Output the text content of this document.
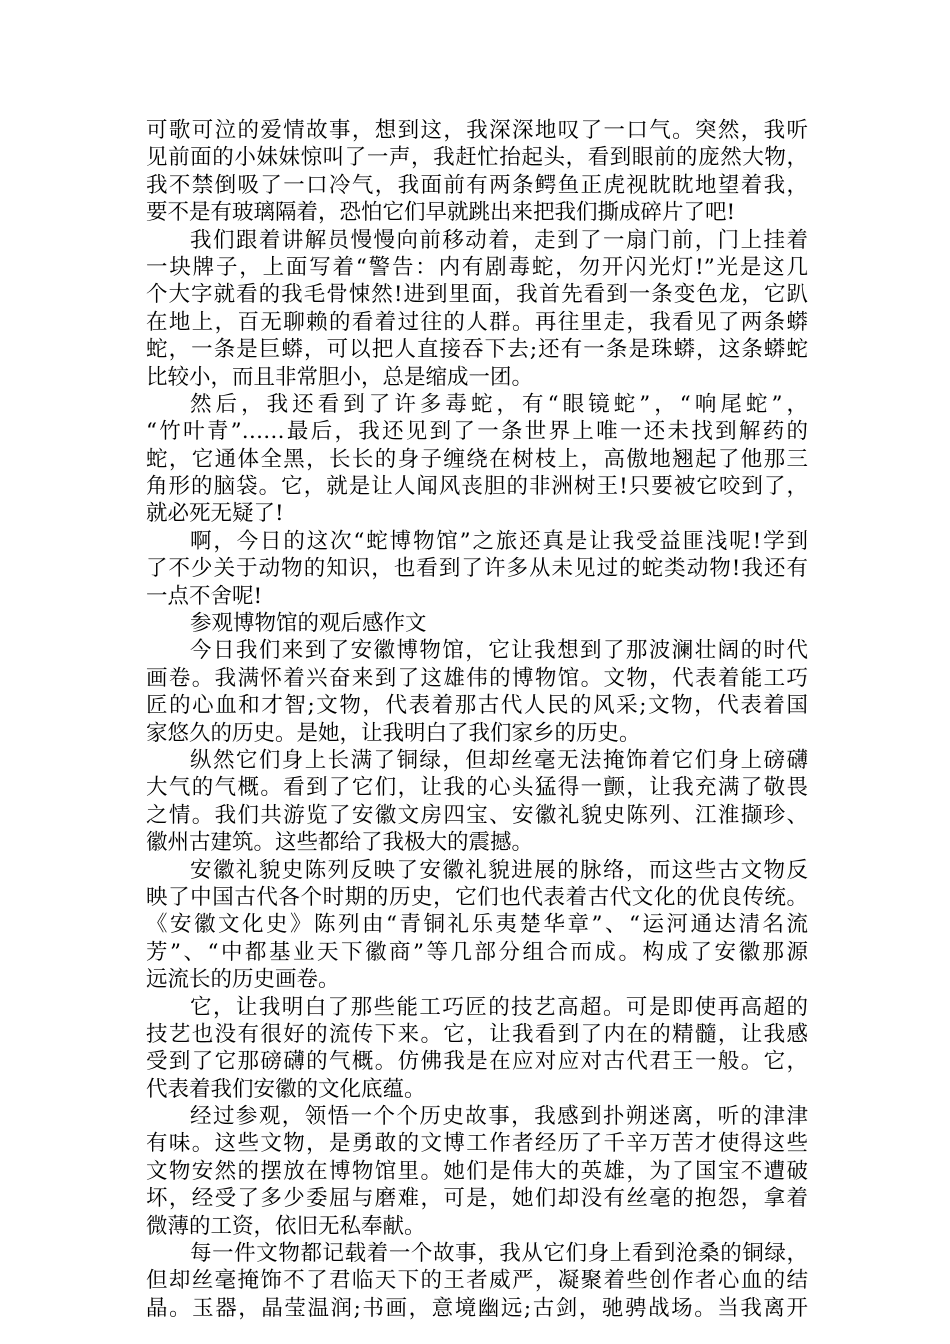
可歌可泣的爱情故事，想到这，我深深地叹了一口气。突然，我听
见前面的小妹妹惊叫了一声，我赶忙抬起头，看到眼前的庞然大物，
我不禁倒吸了一口冷气，我面前有两条鳄鱼正虎视眈眈地望着我，
要不是有玻璃隔着，恐怕它们早就跳出来把我们撕成碎片了吧!
我们跟着讲解员慢慢向前移动着，走到了一扇门前，门上挂着
一块牌子，上面写着“警告：内有剧毒蛇，勿开闪光灯!”光是这几
个大字就看的我毛骨悚然!进到里面，我首先看到一条变色龙，它趴
在地上，百无聊赖的看着过往的人群。再往里走，我看见了两条蟒
蛇，一条是巨蟒，可以把人直接吞下去;还有一条是珠蟒，这条蟒蛇
比较小，而且非常胆小，总是缩成一团。
然后，我还看到了许多毒蛇，有“眼镜蛇”，“响尾蛇”，
“竹叶青”……最后，我还见到了一条世界上唯一还未找到解药的
蛇，它通体全黑，长长的身子缠绕在树枝上，高傲地翘起了他那三
角形的脑袋。它，就是让人闻风丧胆的非洲树王!只要被它咬到了，
就必死无疑了!
啊，今日的这次“蛇博物馆”之旅还真是让我受益匪浅呢!学到
了不少关于动物的知识，也看到了许多从未见过的蛇类动物!我还有
一点不舍呢!
参观博物馆的观后感作文
今日我们来到了安徽博物馆，它让我想到了那波澜壮阔的时代
画卷。我满怀着兴奋来到了这雄伟的博物馆。文物，代表着能工巧
匠的心血和才智;文物，代表着那古代人民的风采;文物，代表着国
家悠久的历史。是她，让我明白了我们家乡的历史。
纵然它们身上长满了铜绿，但却丝毫无法掩饰着它们身上磅礴
大气的气概。看到了它们，让我的心头猛得一颤，让我充满了敬畏
之情。我们共游览了安徽文房四宝、安徽礼貌史陈列、江淮撷珍、
徽州古建筑。这些都给了我极大的震撼。
安徽礼貌史陈列反映了安徽礼貌进展的脉络，而这些古文物反
映了中国古代各个时期的历史，它们也代表着古代文化的优良传统。
《安徽文化史》陈列由“青铜礼乐夷楚华章”、“运河通达清名流
芳”、“中都基业天下徽商”等几部分组合而成。构成了安徽那源
远流长的历史画卷。
它，让我明白了那些能工巧匠的技艺高超。可是即使再高超的
技艺也没有很好的流传下来。它，让我看到了内在的精髓，让我感
受到了它那磅礴的气概。仿佛我是在应对应对古代君王一般。它，
代表着我们安徽的文化底蕴。
经过参观，领悟一个个历史故事，我感到扑朔迷离，听的津津
有味。这些文物，是勇敢的文博工作者经历了千辛万苦才使得这些
文物安然的摆放在博物馆里。她们是伟大的英雄，为了国宝不遭破
坏，经受了多少委屈与磨难，可是，她们却没有丝毫的抱怨，拿着
微薄的工资，依旧无私奉献。
每一件文物都记载着一个故事，我从它们身上看到沧桑的铜绿，
但却丝毫掩饰不了君临天下的王者威严，凝聚着些创作者心血的结
晶。玉器，晶莹温润;书画，意境幽远;古剑，驰骋战场。当我离开
